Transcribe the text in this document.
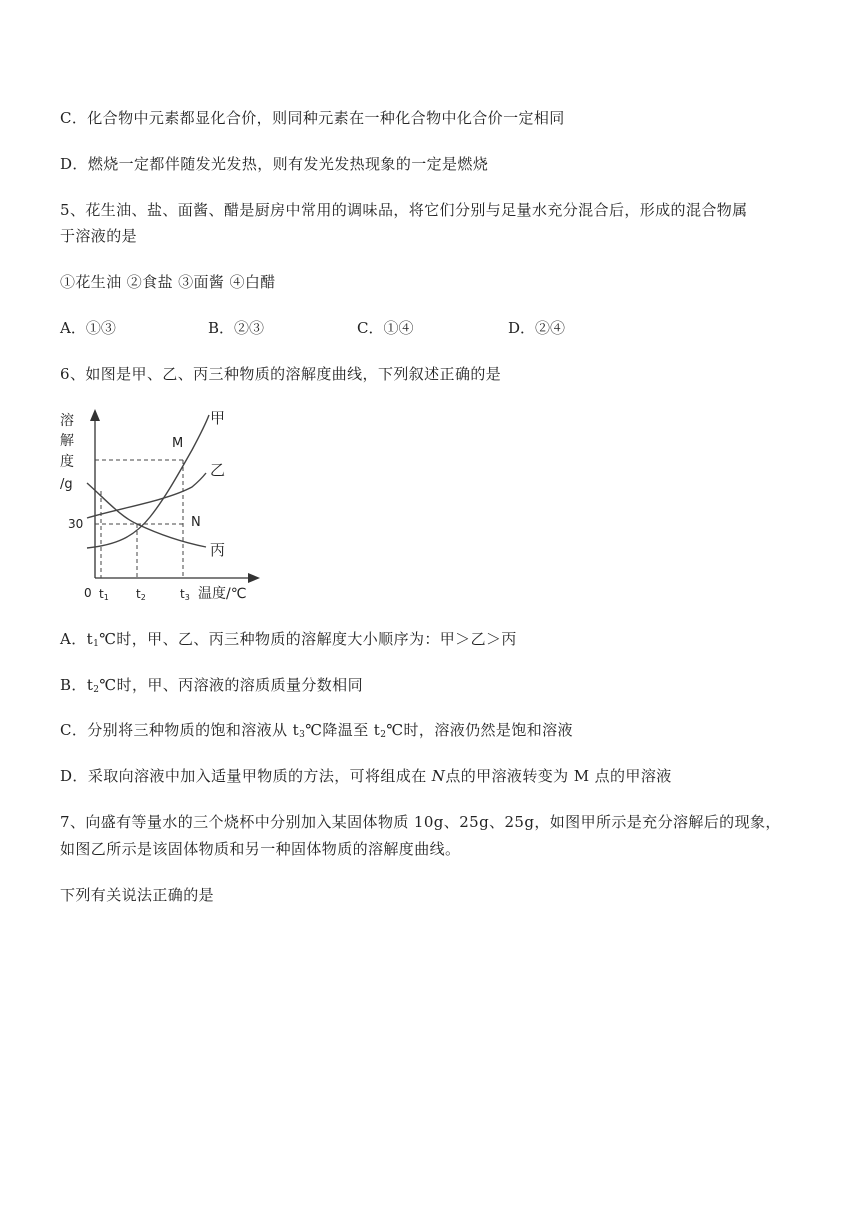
C．化合物中元素都显化合价，则同种元素在一种化合物中化合价一定相同
D．燃烧一定都伴随发光发热，则有发光发热现象的一定是燃烧
5、花生油、盐、面酱、醋是厨房中常用的调味品，将它们分别与足量水充分混合后，形成的混合物属
于溶液的是
①花生油 ②食盐 ③面酱 ④白醋
A．①③	B．②③	C．①④	D．②④
6、如图是甲、乙、丙三种物质的溶解度曲线，下列叙述正确的是
溶
解
度
/g
甲
乙
丙
M
N
30
0 t1 t2	t3 温度/℃
A．$t_1℃$时，甲、乙、丙三种物质的溶解度大小顺序为：甲＞乙＞丙
B．$t_2℃$时，甲、丙溶液的溶质质量分数相同
C．分别将三种物质的饱和溶液从 $t_3℃$降温至 $t_2℃$时，溶液仍然是饱和溶液
D．采取向溶液中加入适量甲物质的方法，可将组成在 N点的甲溶液转变为 M 点的甲溶液
7、向盛有等量水的三个烧杯中分别加入某固体物质 10g、25g、25g，如图甲所示是充分溶解后的现象，
如图乙所示是该固体物质和另一种固体物质的溶解度曲线。
下列有关说法正确的是
